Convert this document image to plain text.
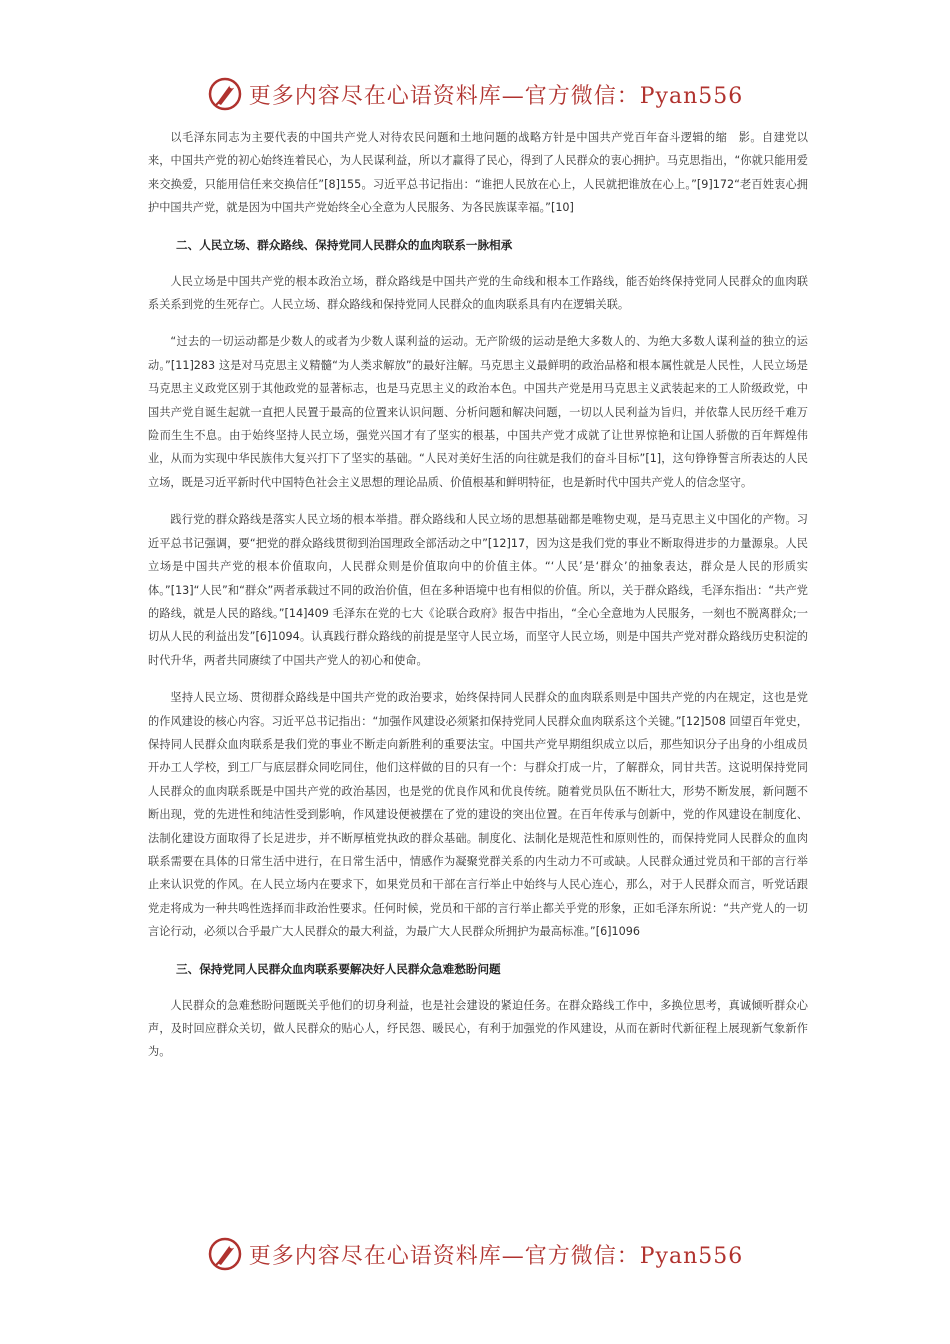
更多内容尽在心语资料库—官方微信：Pyan556

以毛泽东同志为主要代表的中国共产党人对待农民问题和土地问题的战略方针是中国共产党百年奋斗逻辑的缩　影。自建党以来，中国共产党的初心始终连着民心，为人民谋利益，所以才赢得了民心，得到了人民群众的衷心拥护。马克思指出，“你就只能用爱来交换爱，只能用信任来交换信任”[8]155。习近平总书记指出：“谁把人民放在心上，人民就把谁放在心上。”[9]172“老百姓衷心拥护中国共产党，就是因为中国共产党始终全心全意为人民服务、为各民族谋幸福。”[10]

二、人民立场、群众路线、保持党同人民群众的血肉联系一脉相承

人民立场是中国共产党的根本政治立场，群众路线是中国共产党的生命线和根本工作路线，能否始终保持党同人民群众的血肉联系关系到党的生死存亡。人民立场、群众路线和保持党同人民群众的血肉联系具有内在逻辑关联。

“过去的一切运动都是少数人的或者为少数人谋利益的运动。无产阶级的运动是绝大多数人的、为绝大多数人谋利益的独立的运动。”[11]283 这是对马克思主义精髓“为人类求解放”的最好注解。马克思主义最鲜明的政治品格和根本属性就是人民性，人民立场是马克思主义政党区别于其他政党的显著标志，也是马克思主义的政治本色。中国共产党是用马克思主义武装起来的工人阶级政党，中国共产党自诞生起就一直把人民置于最高的位置来认识问题、分析问题和解决问题，一切以人民利益为旨归，并依靠人民历经千难万险而生生不息。由于始终坚持人民立场，强党兴国才有了坚实的根基，中国共产党才成就了让世界惊艳和让国人骄傲的百年辉煌伟业，从而为实现中华民族伟大复兴打下了坚实的基础。“人民对美好生活的向往就是我们的奋斗目标”[1]，这句铮铮誓言所表达的人民立场，既是习近平新时代中国特色社会主义思想的理论品质、价值根基和鲜明特征，也是新时代中国共产党人的信念坚守。

践行党的群众路线是落实人民立场的根本举措。群众路线和人民立场的思想基础都是唯物史观，是马克思主义中国化的产物。习近平总书记强调，要“把党的群众路线贯彻到治国理政全部活动之中”[12]17，因为这是我们党的事业不断取得进步的力量源泉。人民立场是中国共产党的根本价值取向，人民群众则是价值取向中的价值主体。“‘人民’是‘群众’的抽象表达，群众是人民的形质实体。”[13]“人民”和“群众”两者承载过不同的政治价值，但在多种语境中也有相似的价值。所以，关于群众路线，毛泽东指出：“共产党的路线，就是人民的路线。”[14]409 毛泽东在党的七大《论联合政府》报告中指出，“全心全意地为人民服务，一刻也不脱离群众;一切从人民的利益出发”[6]1094。认真践行群众路线的前提是坚守人民立场，而坚守人民立场，则是中国共产党对群众路线历史积淀的时代升华，两者共同赓续了中国共产党人的初心和使命。

坚持人民立场、贯彻群众路线是中国共产党的政治要求，始终保持同人民群众的血肉联系则是中国共产党的内在规定，这也是党的作风建设的核心内容。习近平总书记指出：“加强作风建设必须紧扣保持党同人民群众血肉联系这个关键。”[12]508 回望百年党史，保持同人民群众血肉联系是我们党的事业不断走向新胜利的重要法宝。中国共产党早期组织成立以后，那些知识分子出身的小组成员开办工人学校，到工厂与底层群众同吃同住，他们这样做的目的只有一个：与群众打成一片，了解群众，同甘共苦。这说明保持党同人民群众的血肉联系既是中国共产党的政治基因，也是党的优良作风和优良传统。随着党员队伍不断壮大，形势不断发展，新问题不断出现，党的先进性和纯洁性受到影响，作风建设便被摆在了党的建设的突出位置。在百年传承与创新中，党的作风建设在制度化、法制化建设方面取得了长足进步，并不断厚植党执政的群众基础。制度化、法制化是规范性和原则性的，而保持党同人民群众的血肉联系需要在具体的日常生活中进行，在日常生活中，情感作为凝聚党群关系的内生动力不可或缺。人民群众通过党员和干部的言行举止来认识党的作风。在人民立场内在要求下，如果党员和干部在言行举止中始终与人民心连心，那么，对于人民群众而言，听党话跟党走将成为一种共鸣性选择而非政治性要求。任何时候，党员和干部的言行举止都关乎党的形象，正如毛泽东所说：“共产党人的一切言论行动，必须以合乎最广大人民群众的最大利益，为最广大人民群众所拥护为最高标准。”[6]1096

三、保持党同人民群众血肉联系要解决好人民群众急难愁盼问题

人民群众的急难愁盼问题既关乎他们的切身利益，也是社会建设的紧迫任务。在群众路线工作中，多换位思考，真诚倾听群众心声，及时回应群众关切，做人民群众的贴心人，纾民怨、暖民心，有利于加强党的作风建设，从而在新时代新征程上展现新气象新作为。

更多内容尽在心语资料库—官方微信：Pyan556
